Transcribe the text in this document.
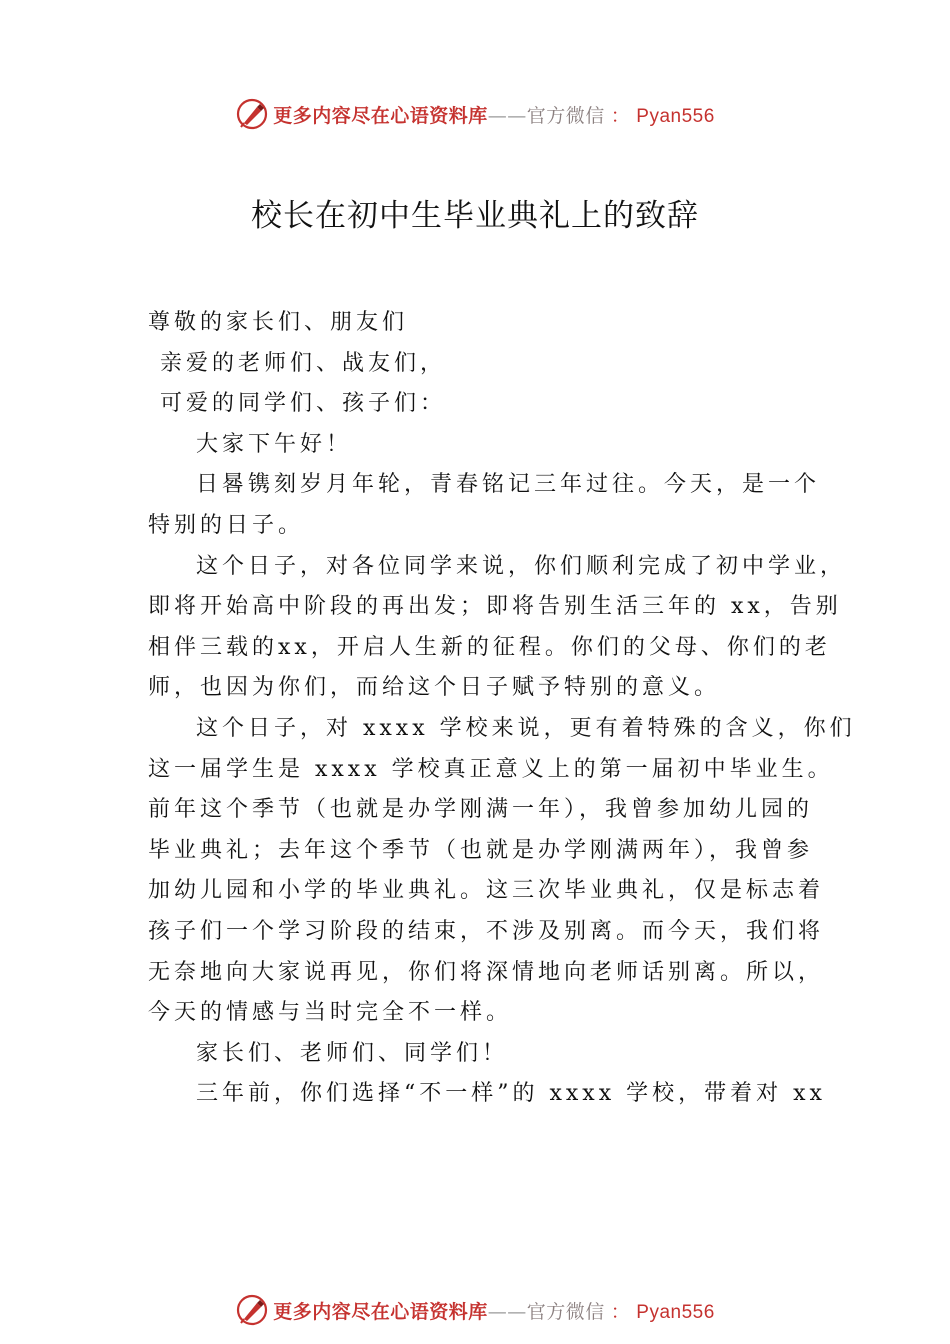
更多内容尽在心语资料库——官方微信 ： Pyan556
校长在初中生毕业典礼上的致辞
尊敬的家长们、朋友们
亲爱的老师们、战友们，
可爱的同学们、孩子们：
大家下午好！
日晷镌刻岁月年轮，青春铭记三年过往。今天，是一个
特别的日子。
这个日子，对各位同学来说，你们顺利完成了初中学业，
即将开始高中阶段的再出发；即将告别生活三年的 xx，告别
相伴三载的xx，开启人生新的征程。你们的父母、你们的老
师，也因为你们，而给这个日子赋予特别的意义。
这个日子，对 xxxx 学校来说，更有着特殊的含义，你们
这一届学生是 xxxx 学校真正意义上的第一届初中毕业生。
前年这个季节（也就是办学刚满一年），我曾参加幼儿园的
毕业典礼；去年这个季节（也就是办学刚满两年），我曾参
加幼儿园和小学的毕业典礼。这三次毕业典礼，仅是标志着
孩子们一个学习阶段的结束，不涉及别离。而今天，我们将
无奈地向大家说再见，你们将深情地向老师话别离。所以，
今天的情感与当时完全不一样。
家长们、老师们、同学们！
三年前，你们选择“不一样”的 xxxx 学校，带着对 xx
更多内容尽在心语资料库——官方微信 ： Pyan556
